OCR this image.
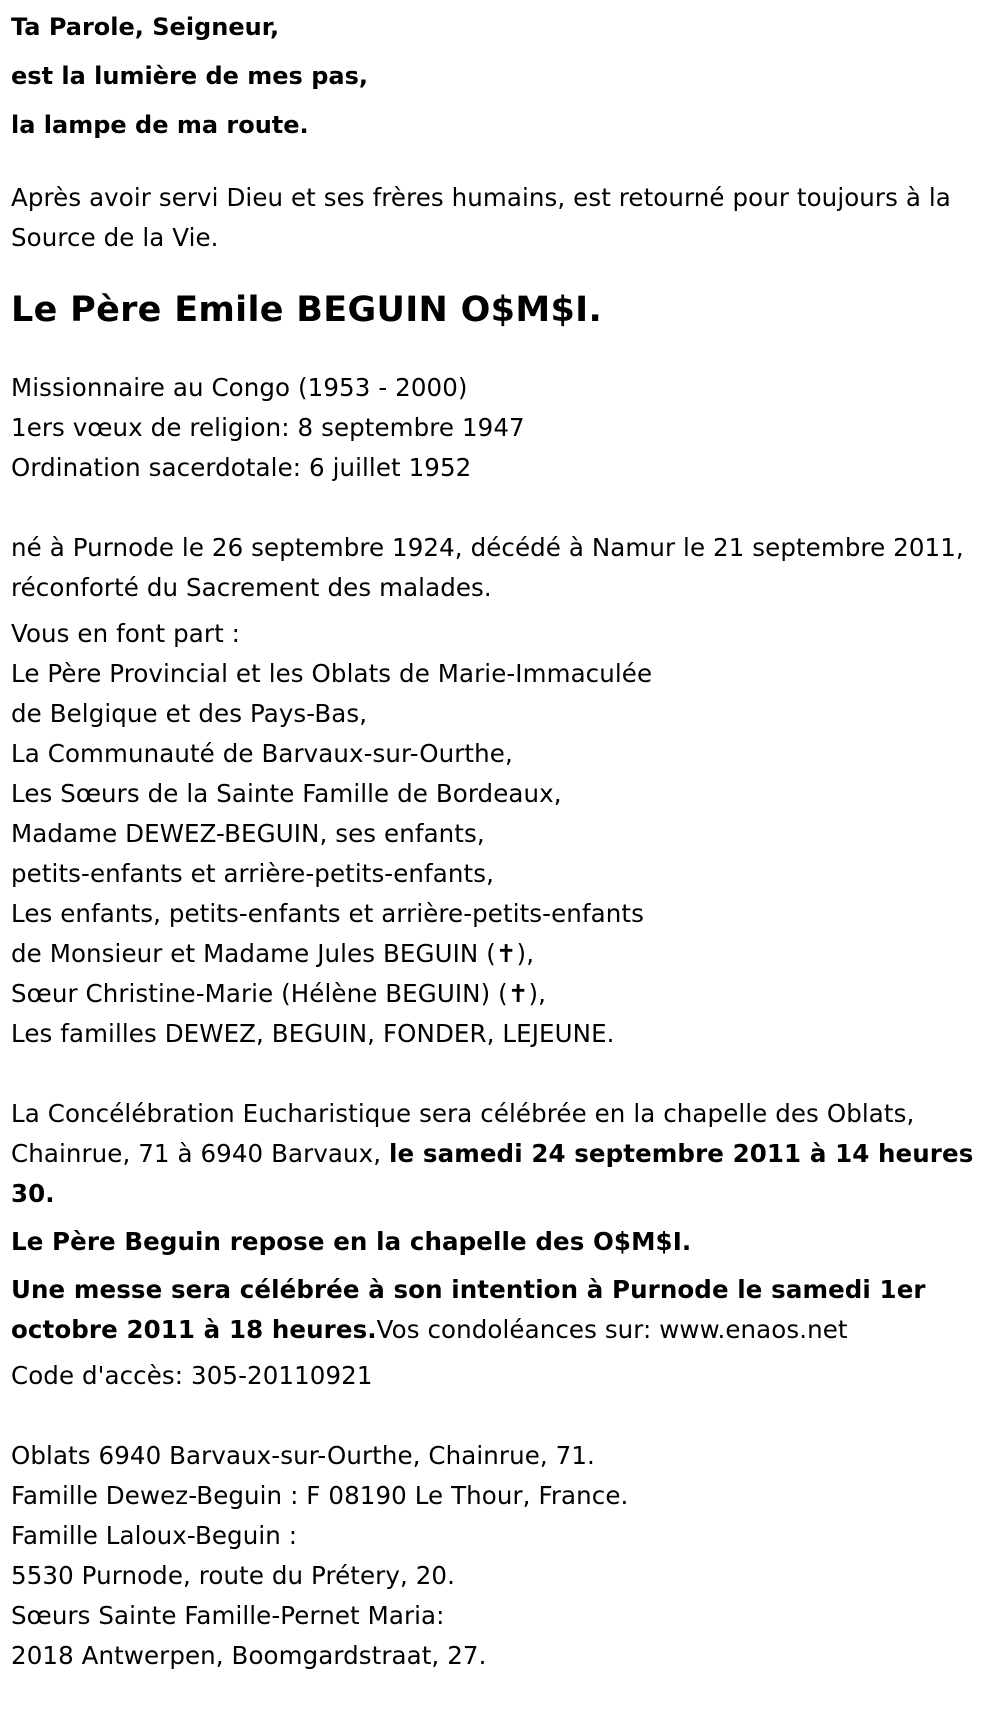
Ta Parole, Seigneur,
est la lumière de mes pas,
la lampe de ma route.

Après avoir servi Dieu et ses frères humains, est retourné pour toujours à la Source de la Vie.

Le Père Emile BEGUIN O$M$I.
Missionnaire au Congo (1953 - 2000)
1ers vœux de religion: 8 septembre 1947
Ordination sacerdotale: 6 juillet 1952

né à Purnode le 26 septembre 1924, décédé à Namur le 21 septembre 2011, réconforté du Sacrement des malades.

Vous en font part :
Le Père Provincial et les Oblats de Marie-Immaculée
de Belgique et des Pays-Bas,
La Communauté de Barvaux-sur-Ourthe,
Les Sœurs de la Sainte Famille de Bordeaux,
Madame DEWEZ-BEGUIN, ses enfants,
petits-enfants et arrière-petits-enfants,
Les enfants, petits-enfants et arrière-petits-enfants
de Monsieur et Madame Jules BEGUIN (✝),
Sœur Christine-Marie (Hélène BEGUIN) (✝),
Les familles DEWEZ, BEGUIN, FONDER, LEJEUNE.

La Concélébration Eucharistique sera célébrée en la chapelle des Oblats, Chainrue, 71 à 6940 Barvaux, le samedi 24 septembre 2011 à 14 heures 30.

Le Père Beguin repose en la chapelle des O$M$I.

Une messe sera célébrée à son intention à Purnode le samedi 1er octobre 2011 à 18 heures.Vos condoléances sur: www.enaos.net

Code d'accès: 305-20110921

Oblats 6940 Barvaux-sur-Ourthe, Chainrue, 71.
Famille Dewez-Beguin : F 08190 Le Thour, France.
Famille Laloux-Beguin :
5530 Purnode, route du Prétery, 20.
Sœurs Sainte Famille-Pernet Maria:
2018 Antwerpen, Boomgardstraat, 27.
